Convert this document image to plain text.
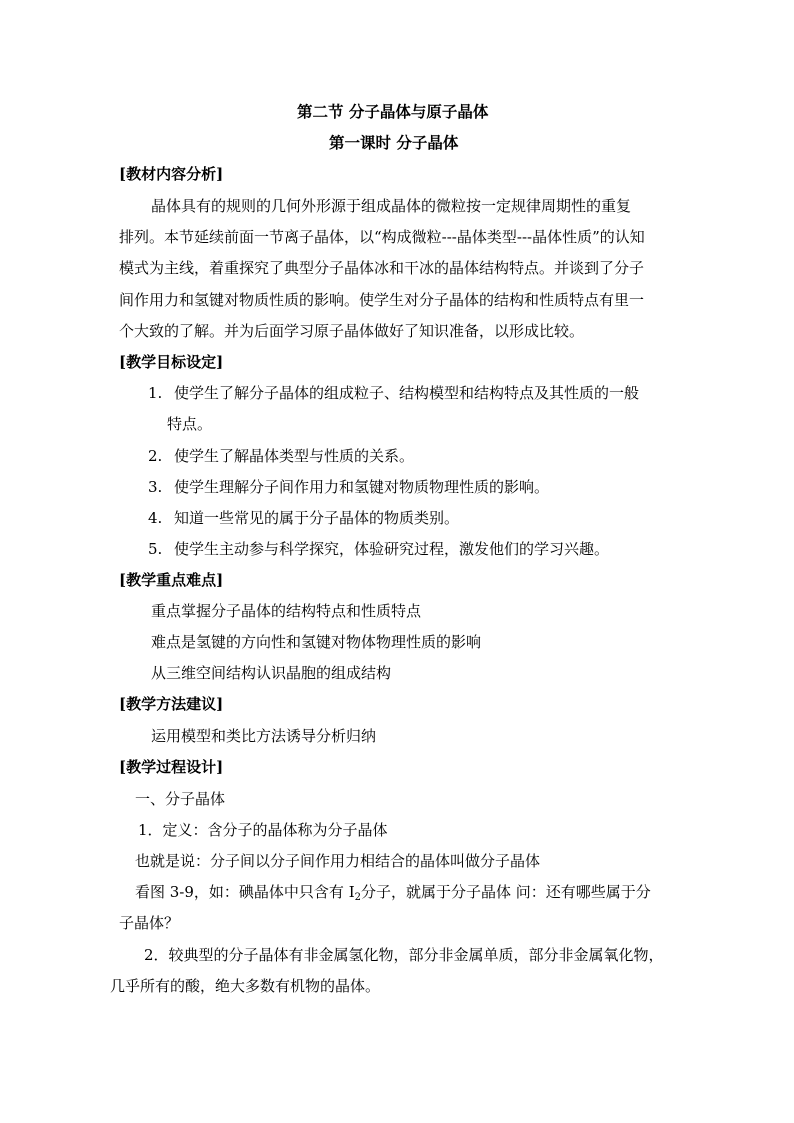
第二节 分子晶体与原子晶体
第一课时 分子晶体
[教材内容分析]
晶体具有的规则的几何外形源于组成晶体的微粒按一定规律周期性的重复
排列。本节延续前面一节离子晶体，以“构成微粒---晶体类型---晶体性质”的认知
模式为主线，着重探究了典型分子晶体冰和干冰的晶体结构特点。并谈到了分子
间作用力和氢键对物质性质的影响。使学生对分子晶体的结构和性质特点有里一
个大致的了解。并为后面学习原子晶体做好了知识准备，以形成比较。
[教学目标设定]
1. 使学生了解分子晶体的组成粒子、结构模型和结构特点及其性质的一般
特点。
2. 使学生了解晶体类型与性质的关系。
3. 使学生理解分子间作用力和氢键对物质物理性质的影响。
4. 知道一些常见的属于分子晶体的物质类别。
5. 使学生主动参与科学探究，体验研究过程，激发他们的学习兴趣。
[教学重点难点]
重点掌握分子晶体的结构特点和性质特点
难点是氢键的方向性和氢键对物体物理性质的影响
从三维空间结构认识晶胞的组成结构
[教学方法建议]
运用模型和类比方法诱导分析归纳
[教学过程设计]
一、分子晶体
1．定义：含分子的晶体称为分子晶体
也就是说：分子间以分子间作用力相结合的晶体叫做分子晶体
看图 3-9，如：碘晶体中只含有 $I_2$分子，就属于分子晶体 问：还有哪些属于分
子晶体？
2．较典型的分子晶体有非金属氢化物，部分非金属单质，部分非金属氧化物，
几乎所有的酸，绝大多数有机物的晶体。
